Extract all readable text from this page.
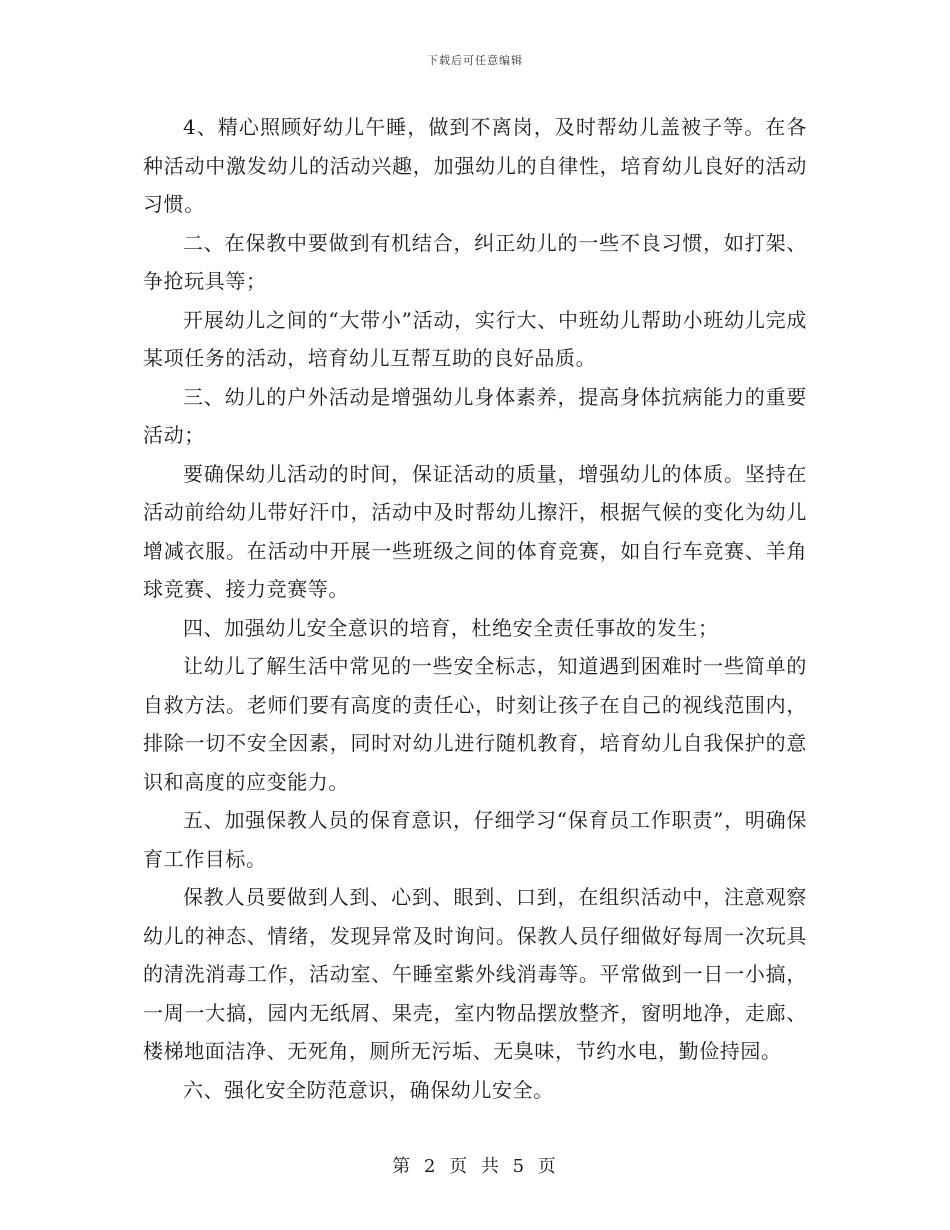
下载后可任意编辑

4、精心照顾好幼儿午睡，做到不离岗，及时帮幼儿盖被子等。在各种活动中激发幼儿的活动兴趣，加强幼儿的自律性，培育幼儿良好的活动习惯。

二、在保教中要做到有机结合，纠正幼儿的一些不良习惯，如打架、争抢玩具等；

开展幼儿之间的“大带小”活动，实行大、中班幼儿帮助小班幼儿完成某项任务的活动，培育幼儿互帮互助的良好品质。

三、幼儿的户外活动是增强幼儿身体素养，提高身体抗病能力的重要活动；

要确保幼儿活动的时间，保证活动的质量，增强幼儿的体质。坚持在活动前给幼儿带好汗巾，活动中及时帮幼儿擦汗，根据气候的变化为幼儿增减衣服。在活动中开展一些班级之间的体育竞赛，如自行车竞赛、羊角球竞赛、接力竞赛等。

四、加强幼儿安全意识的培育，杜绝安全责任事故的发生；

让幼儿了解生活中常见的一些安全标志，知道遇到困难时一些简单的自救方法。老师们要有高度的责任心，时刻让孩子在自己的视线范围内，排除一切不安全因素，同时对幼儿进行随机教育，培育幼儿自我保护的意识和高度的应变能力。

五、加强保教人员的保育意识，仔细学习“保育员工作职责”，明确保育工作目标。

保教人员要做到人到、心到、眼到、口到，在组织活动中，注意观察幼儿的神态、情绪，发现异常及时询问。保教人员仔细做好每周一次玩具的清洗消毒工作，活动室、午睡室紫外线消毒等。平常做到一日一小搞，一周一大搞，园内无纸屑、果壳，室内物品摆放整齐，窗明地净，走廊、楼梯地面洁净、无死角，厕所无污垢、无臭味，节约水电，勤俭持园。

六、强化安全防范意识，确保幼儿安全。

第 2 页 共 5 页
